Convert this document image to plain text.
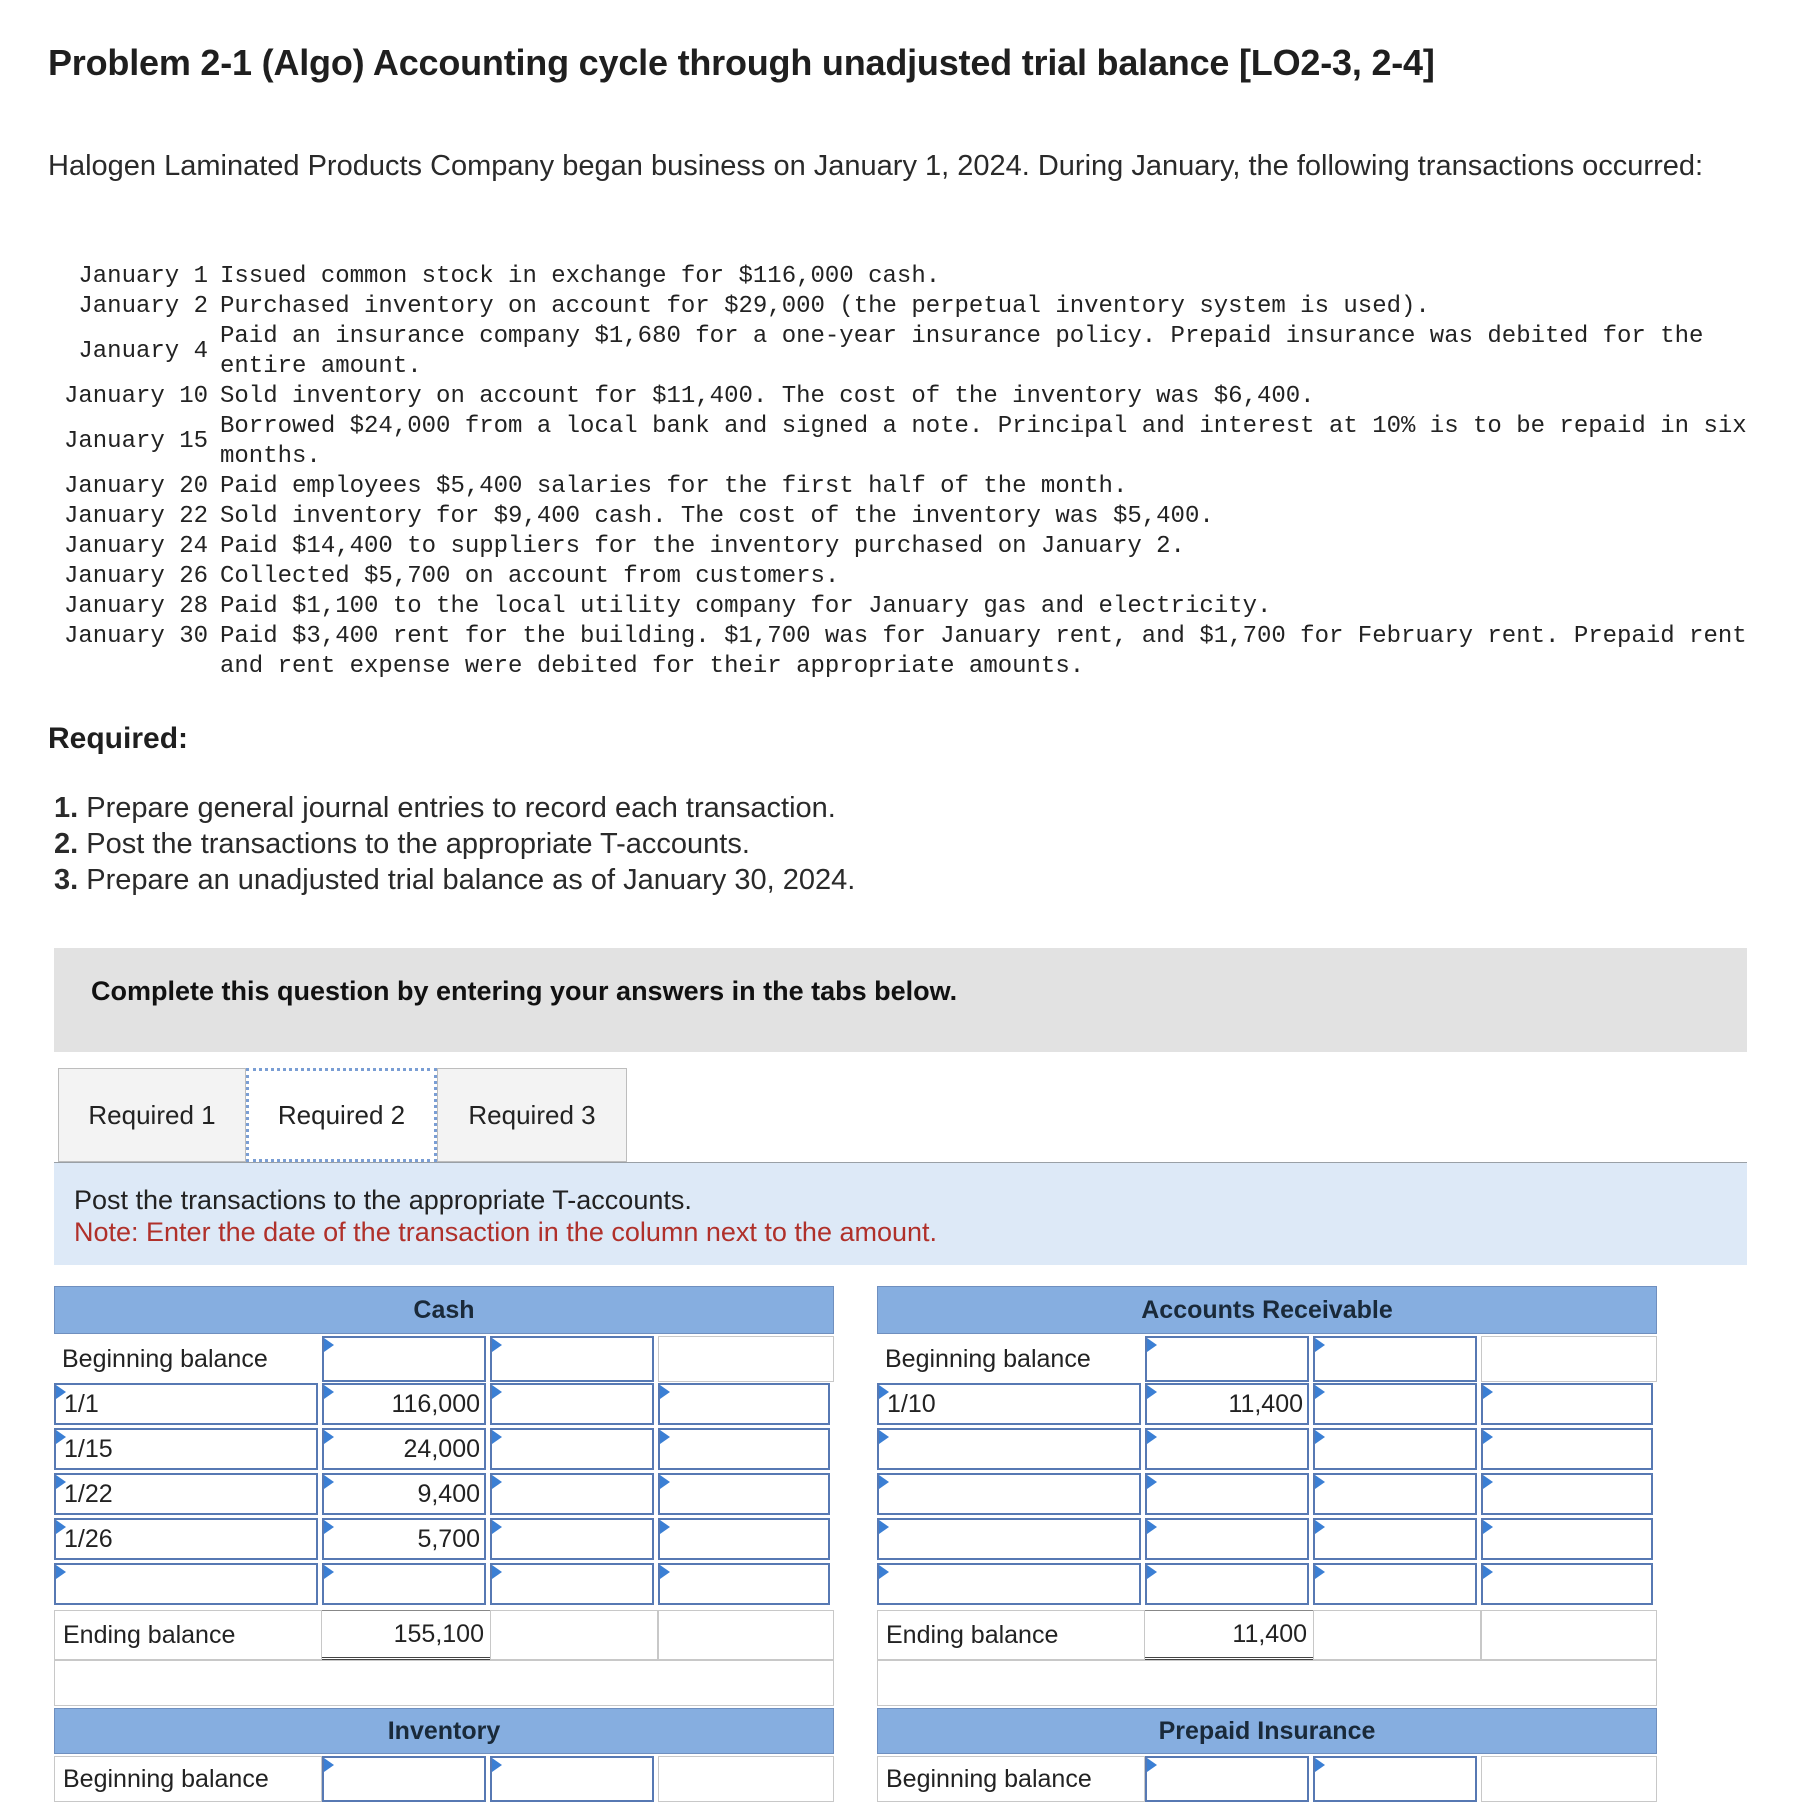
Problem 2-1 (Algo) Accounting cycle through unadjusted trial balance [LO2-3, 2-4]
Halogen Laminated Products Company began business on January 1, 2024. During January, the following transactions occurred:
January 1 Issued common stock in exchange for $116,000 cash.
January 2 Purchased inventory on account for $29,000 (the perpetual inventory system is used).
January 4
Paid an insurance company $1,680 for a one-year insurance policy. Prepaid insurance was debited for the entire amount.
January 10 Sold inventory on account for $11,400. The cost of the inventory was $6,400.
January 15
Borrowed $24,000 from a local bank and signed a note. Principal and interest at 10% is to be repaid in six months.
January 20 Paid employees $5,400 salaries for the first half of the month.
January 22 Sold inventory for $9,400 cash. The cost of the inventory was $5,400.
January 24 Paid $14,400 to suppliers for the inventory purchased on January 2.
January 26 Collected $5,700 on account from customers.
January 28 Paid $1,100 to the local utility company for January gas and electricity.
January 30 Paid $3,400 rent for the building. $1,700 was for January rent, and $1,700 for February rent. Prepaid rent and rent expense were debited for their appropriate amounts.
Required:
1. Prepare general journal entries to record each transaction.
2. Post the transactions to the appropriate T-accounts.
3. Prepare an unadjusted trial balance as of January 30, 2024.
Complete this question by entering your answers in the tabs below.
Required 1	Required 2	Required 3
Post the transactions to the appropriate T-accounts.
Note: Enter the date of the transaction in the column next to the amount.
Cash
Beginning balance
1/1	116,000
1/15	24,000
1/22	9,400
1/26	5,700
Ending balance	155,100
Accounts Receivable
Beginning balance
1/10	11,400
Ending balance	11,400
Inventory
Beginning balance
Prepaid Insurance
Beginning balance
